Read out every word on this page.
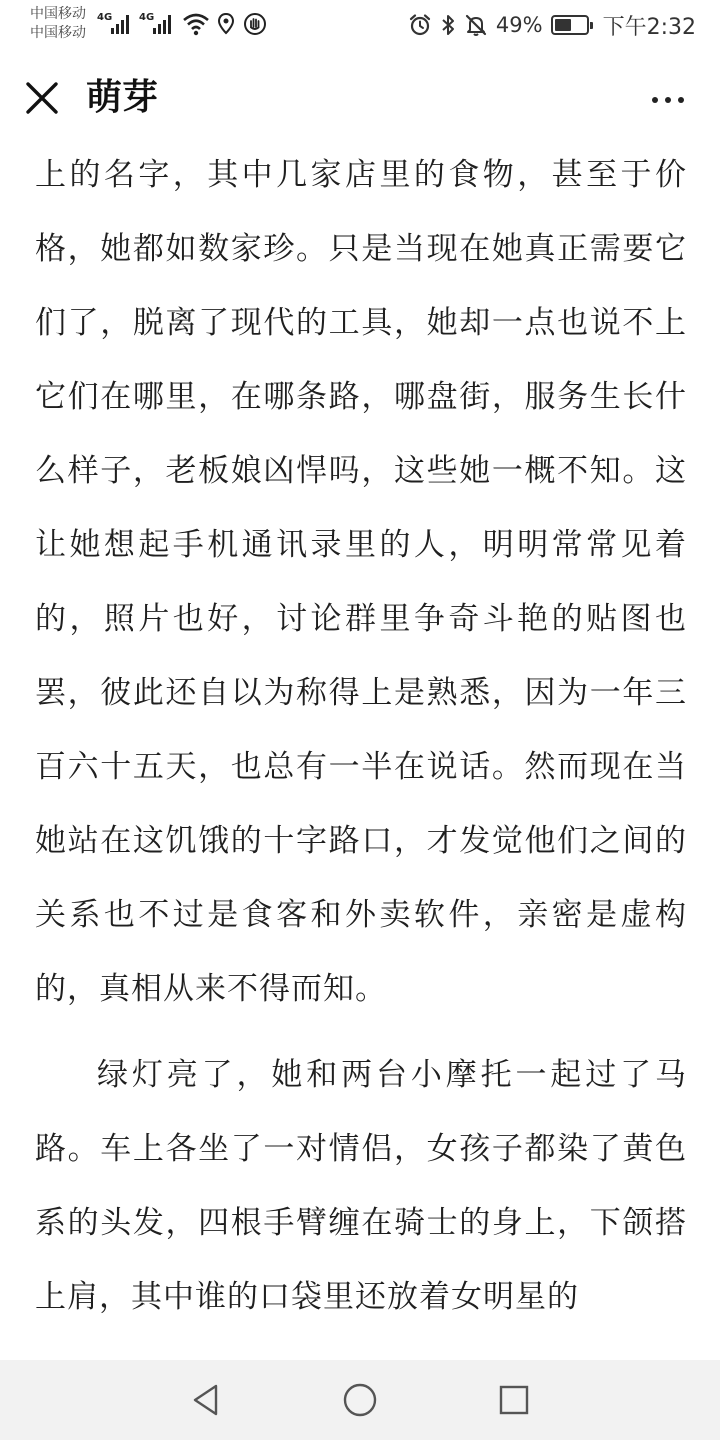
中国移动
中国移动
4G	4G	49%	下午2:32
萌芽

上的名字，其中几家店里的食物，甚至于价格，她都如数家珍。只是当现在她真正需要它们了，脱离了现代的工具，她却一点也说不上它们在哪里，在哪条路，哪盘街，服务生长什么样子，老板娘凶悍吗，这些她一概不知。这让她想起手机通讯录里的人，明明常常见着的，照片也好，讨论群里争奇斗艳的贴图也罢，彼此还自以为称得上是熟悉，因为一年三百六十五天，也总有一半在说话。然而现在当她站在这饥饿的十字路口，才发觉他们之间的关系也不过是食客和外卖软件，亲密是虚构的，真相从来不得而知。

绿灯亮了，她和两台小摩托一起过了马路。车上各坐了一对情侣，女孩子都染了黄色系的头发，四根手臂缠在骑士的身上，下颌搭上肩，其中谁的口袋里还放着女明星的
